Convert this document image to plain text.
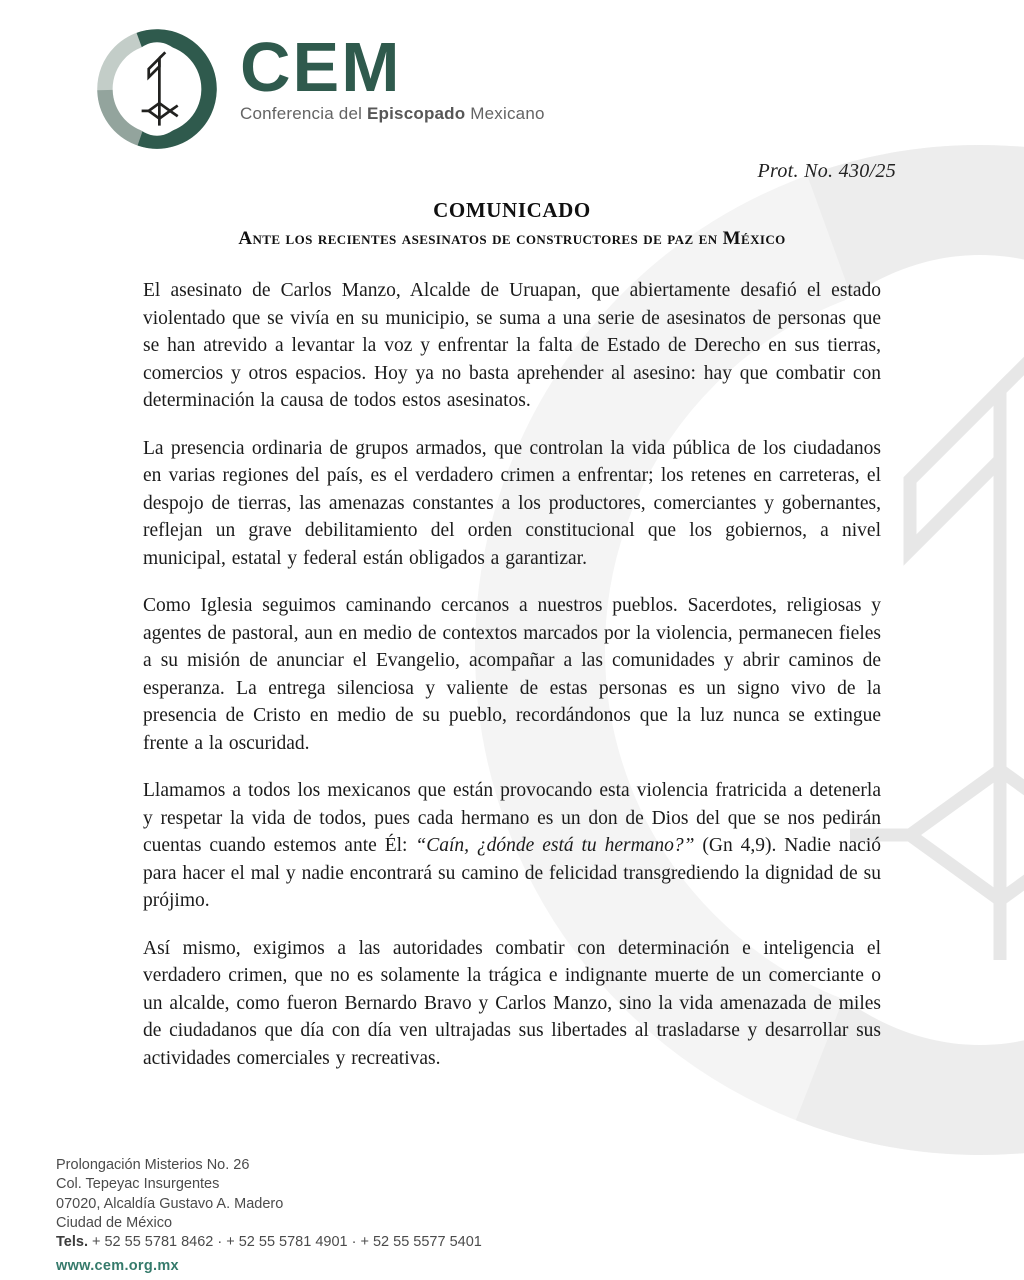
CEM
Conferencia del Episcopado Mexicano
Prot. No. 430/25
COMUNICADO
Ante los recientes asesinatos de constructores de paz en México

El asesinato de Carlos Manzo, Alcalde de Uruapan, que abiertamente desafió el estado violentado que se vivía en su municipio, se suma a una serie de asesinatos de personas que se han atrevido a levantar la voz y enfrentar la falta de Estado de Derecho en sus tierras, comercios y otros espacios. Hoy ya no basta aprehender al asesino: hay que combatir con determinación la causa de todos estos asesinatos.

La presencia ordinaria de grupos armados, que controlan la vida pública de los ciudadanos en varias regiones del país, es el verdadero crimen a enfrentar; los retenes en carreteras, el despojo de tierras, las amenazas constantes a los productores, comerciantes y gobernantes, reflejan un grave debilitamiento del orden constitucional que los gobiernos, a nivel municipal, estatal y federal están obligados a garantizar.

Como Iglesia seguimos caminando cercanos a nuestros pueblos. Sacerdotes, religiosas y agentes de pastoral, aun en medio de contextos marcados por la violencia, permanecen fieles a su misión de anunciar el Evangelio, acompañar a las comunidades y abrir caminos de esperanza. La entrega silenciosa y valiente de estas personas es un signo vivo de la presencia de Cristo en medio de su pueblo, recordándonos que la luz nunca se extingue frente a la oscuridad.

Llamamos a todos los mexicanos que están provocando esta violencia fratricida a detenerla y respetar la vida de todos, pues cada hermano es un don de Dios del que se nos pedirán cuentas cuando estemos ante Él: “Caín, ¿dónde está tu hermano?” (Gn 4,9). Nadie nació para hacer el mal y nadie encontrará su camino de felicidad transgrediendo la dignidad de su prójimo.

Así mismo, exigimos a las autoridades combatir con determinación e inteligencia el verdadero crimen, que no es solamente la trágica e indignante muerte de un comerciante o un alcalde, como fueron Bernardo Bravo y Carlos Manzo, sino la vida amenazada de miles de ciudadanos que día con día ven ultrajadas sus libertades al trasladarse y desarrollar sus actividades comerciales y recreativas.

Prolongación Misterios No. 26
Col. Tepeyac Insurgentes
07020, Alcaldía Gustavo A. Madero
Ciudad de México
Tels. + 52 55 5781 8462 · + 52 55 5781 4901 · + 52 55 5577 5401
www.cem.org.mx
